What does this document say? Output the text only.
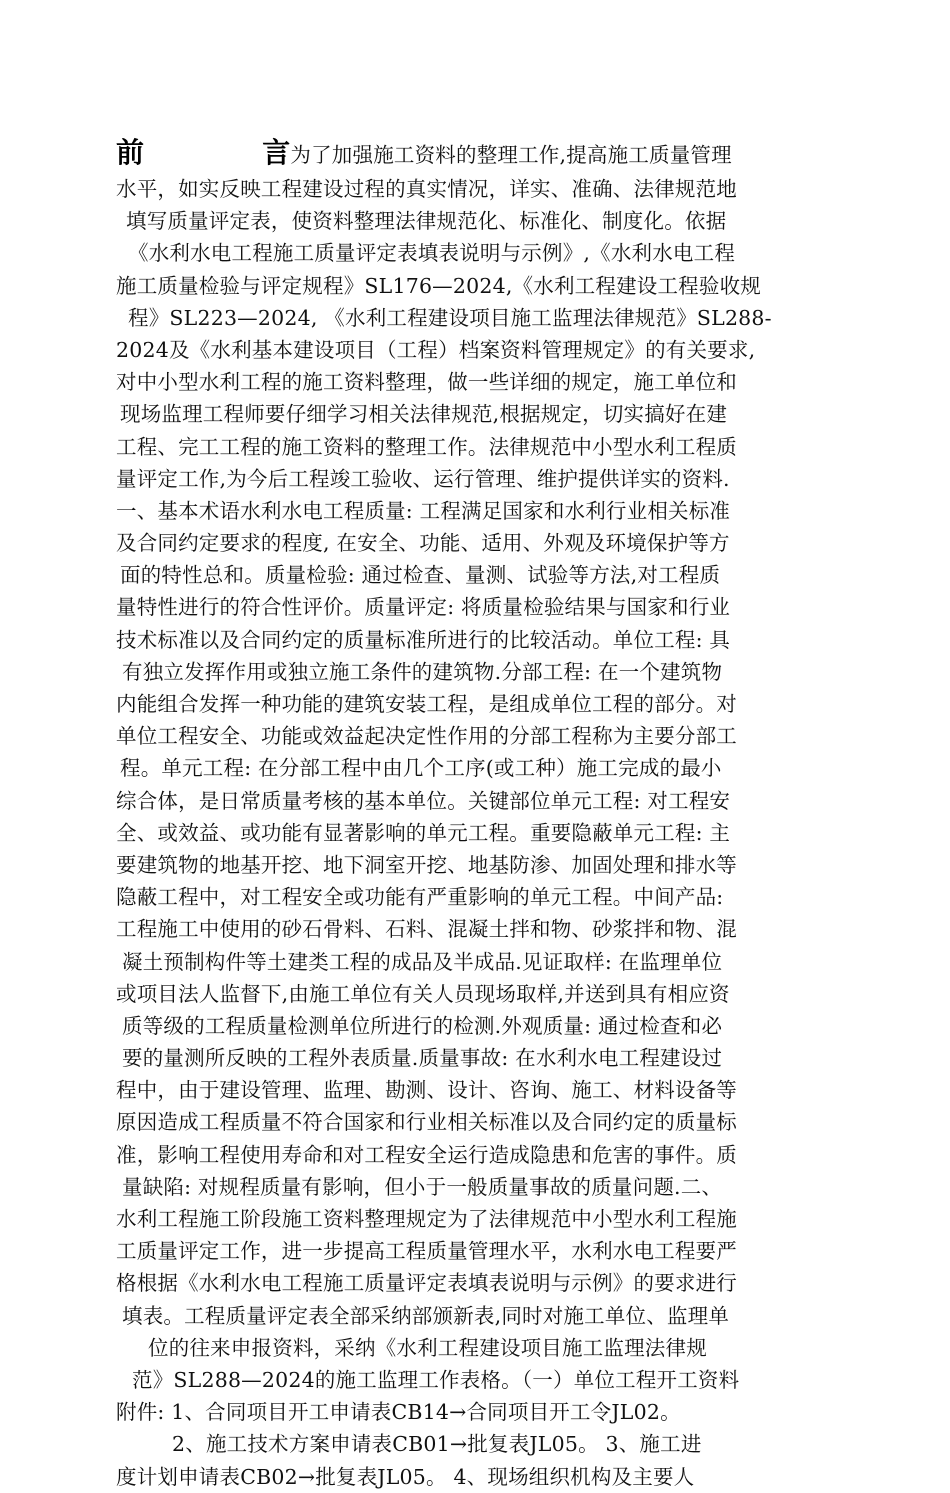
前	言为了加强施工资料的整理工作,提高施工质量管理
水平，如实反映工程建设过程的真实情况，详实、准确、法律规范地
填写质量评定表，使资料整理法律规范化、标准化、制度化。依据
《水利水电工程施工质量评定表填表说明与示例》,《水利水电工程
施工质量检验与评定规程》SL176—2024,《水利工程建设工程验收规
程》SL223—2024, 《水利工程建设项目施工监理法律规范》SL288-
2024及《水利基本建设项目（工程）档案资料管理规定》的有关要求,
对中小型水利工程的施工资料整理，做一些详细的规定，施工单位和
现场监理工程师要仔细学习相关法律规范,根据规定，切实搞好在建
工程、完工工程的施工资料的整理工作。法律规范中小型水利工程质
量评定工作,为今后工程竣工验收、运行管理、维护提供详实的资料.
一、基本术语水利水电工程质量: 工程满足国家和水利行业相关标准
及合同约定要求的程度, 在安全、功能、适用、外观及环境保护等方
面的特性总和。质量检验: 通过检查、量测、试验等方法,对工程质
量特性进行的符合性评价。质量评定: 将质量检验结果与国家和行业
技术标准以及合同约定的质量标准所进行的比较活动。单位工程: 具
有独立发挥作用或独立施工条件的建筑物.分部工程: 在一个建筑物
内能组合发挥一种功能的建筑安装工程，是组成单位工程的部分。对
单位工程安全、功能或效益起决定性作用的分部工程称为主要分部工
程。单元工程: 在分部工程中由几个工序(或工种）施工完成的最小
综合体，是日常质量考核的基本单位。关键部位单元工程: 对工程安
全、或效益、或功能有显著影响的单元工程。重要隐蔽单元工程: 主
要建筑物的地基开挖、地下洞室开挖、地基防渗、加固处理和排水等
隐蔽工程中，对工程安全或功能有严重影响的单元工程。中间产品:
工程施工中使用的砂石骨料、石料、混凝土拌和物、砂浆拌和物、混
凝土预制构件等土建类工程的成品及半成品.见证取样: 在监理单位
或项目法人监督下,由施工单位有关人员现场取样,并送到具有相应资
质等级的工程质量检测单位所进行的检测.外观质量: 通过检查和必
要的量测所反映的工程外表质量.质量事故: 在水利水电工程建设过
程中，由于建设管理、监理、勘测、设计、咨询、施工、材料设备等
原因造成工程质量不符合国家和行业相关标准以及合同约定的质量标
准，影响工程使用寿命和对工程安全运行造成隐患和危害的事件。质
量缺陷: 对规程质量有影响，但小于一般质量事故的质量问题.二、
水利工程施工阶段施工资料整理规定为了法律规范中小型水利工程施
工质量评定工作，进一步提高工程质量管理水平，水利水电工程要严
格根据《水利水电工程施工质量评定表填表说明与示例》的要求进行
填表。工程质量评定表全部采纳部颁新表,同时对施工单位、监理单
位的往来申报资料，采纳《水利工程建设项目施工监理法律规
范》SL288—2024的施工监理工作表格。（一）单位工程开工资料
附件: 1、合同项目开工申请表CB14→合同项目开工令JL02。
2、施工技术方案申请表CB01→批复表JL05。 3、施工进
度计划申请表CB02→批复表JL05。 4、现场组织机构及主要人
